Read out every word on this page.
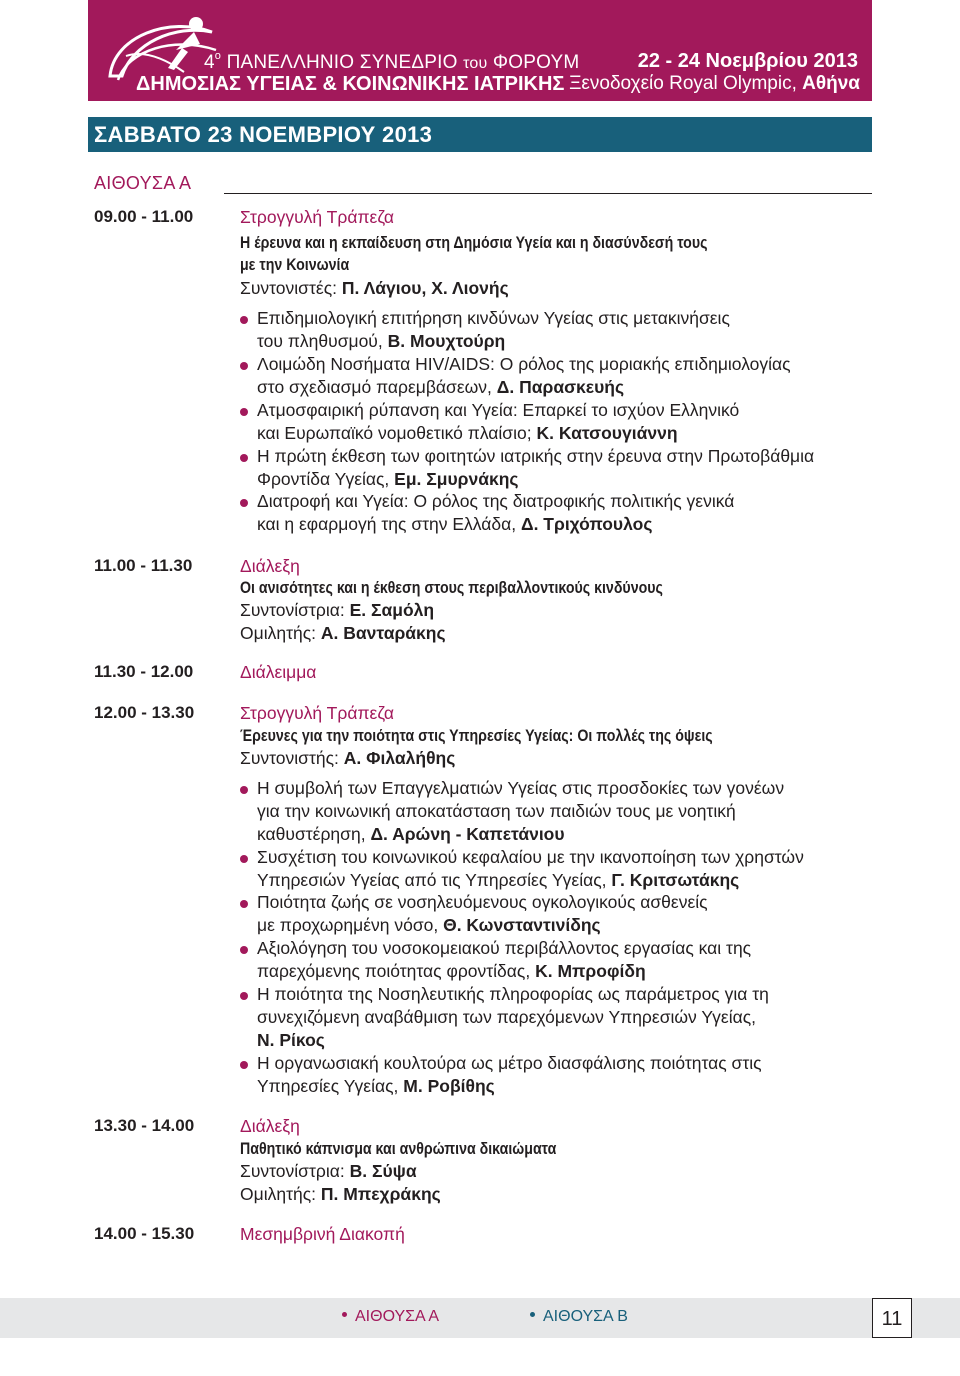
$4^o$ ΠΑΝΕΛΛΗΝΙΟ ΣΥΝΕΔΡΙΟ του ΦΟΡΟΥΜ
ΔΗΜΟΣΙΑΣ ΥΓΕΙΑΣ & ΚΟΙΝΩΝΙΚΗΣ ΙΑΤΡΙΚΗΣ
22 - 24 Νοεμβρίου 2013
Ξενοδοχείο Royal Olympic, Αθήνα
ΣΑΒΒΑΤΟ 23 ΝΟΕΜΒΡΙΟΥ 2013
ΑΙΘΟΥΣΑ Α
09.00 - 11.00	Στρογγυλή Τράπεζα
Η έρευνα και η εκπαίδευση στη Δημόσια Υγεία και η διασύνδεσή τους
με την Κοινωνία
Συντονιστές: Π. Λάγιου, Χ. Λιονής
Επιδημιολογική επιτήρηση κινδύνων Υγείας στις μετακινήσεις
του πληθυσμού, Β. Μουχτούρη
Λοιμώδη Νοσήματα HIV/AIDS: Ο ρόλος της μοριακής επιδημιολογίας
στο σχεδιασμό παρεμβάσεων, Δ. Παρασκευής
Ατμοσφαιρική ρύπανση και Υγεία: Επαρκεί το ισχύον Ελληνικό
και Ευρωπαϊκό νομοθετικό πλαίσιο; Κ. Κατσουγιάννη
Η πρώτη έκθεση των φοιτητών ιατρικής στην έρευνα στην Πρωτοβάθμια
Φροντίδα Υγείας, Εμ. Σμυρνάκης
Διατροφή και Υγεία: Ο ρόλος της διατροφικής πολιτικής γενικά
και η εφαρμογή της στην Ελλάδα, Δ. Τριχόπουλος
11.00 - 11.30	Διάλεξη
Οι ανισότητες και η έκθεση στους περιβαλλοντικούς κινδύνους
Συντονίστρια: Ε. Σαμόλη
Ομιλητής: Α. Βανταράκης
11.30 - 12.00	Διάλειμμα
12.00 - 13.30	Στρογγυλή Τράπεζα
Έρευνες για την ποιότητα στις Υπηρεσίες Υγείας: Οι πολλές της όψεις
Συντονιστής: Α. Φιλαλήθης
Η συμβολή των Επαγγελματιών Υγείας στις προσδοκίες των γονέων
για την κοινωνική αποκατάσταση των παιδιών τους με νοητική
καθυστέρηση, Δ. Αρώνη - Καπετάνιου
Συσχέτιση του κοινωνικού κεφαλαίου με την ικανοποίηση των χρηστών
Υπηρεσιών Υγείας από τις Υπηρεσίες Υγείας, Γ. Κριτσωτάκης
Ποιότητα ζωής σε νοσηλευόμενους ογκολογικούς ασθενείς
με προχωρημένη νόσο, Θ. Κωνσταντινίδης
Αξιολόγηση του νοσοκομειακού περιβάλλοντος εργασίας και της
παρεχόμενης ποιότητας φροντίδας, Κ. Μπροφίδη
Η ποιότητα της Νοσηλευτικής πληροφορίας ως παράμετρος για τη
συνεχιζόμενη αναβάθμιση των παρεχόμενων Υπηρεσιών Υγείας,
Ν. Ρίκος
Η οργανωσιακή κουλτούρα ως μέτρο διασφάλισης ποιότητας στις
Υπηρεσίες Υγείας, Μ. Ροβίθης
13.30 - 14.00	Διάλεξη
Παθητικό κάπνισμα και ανθρώπινα δικαιώματα
Συντονίστρια: Β. Σύψα
Ομιλητής: Π. Μπεχράκης
14.00 - 15.30	Μεσημβρινή Διακοπή
ΑΙΘΟΥΣΑ Α	ΑΙΘΟΥΣΑ Β	11
